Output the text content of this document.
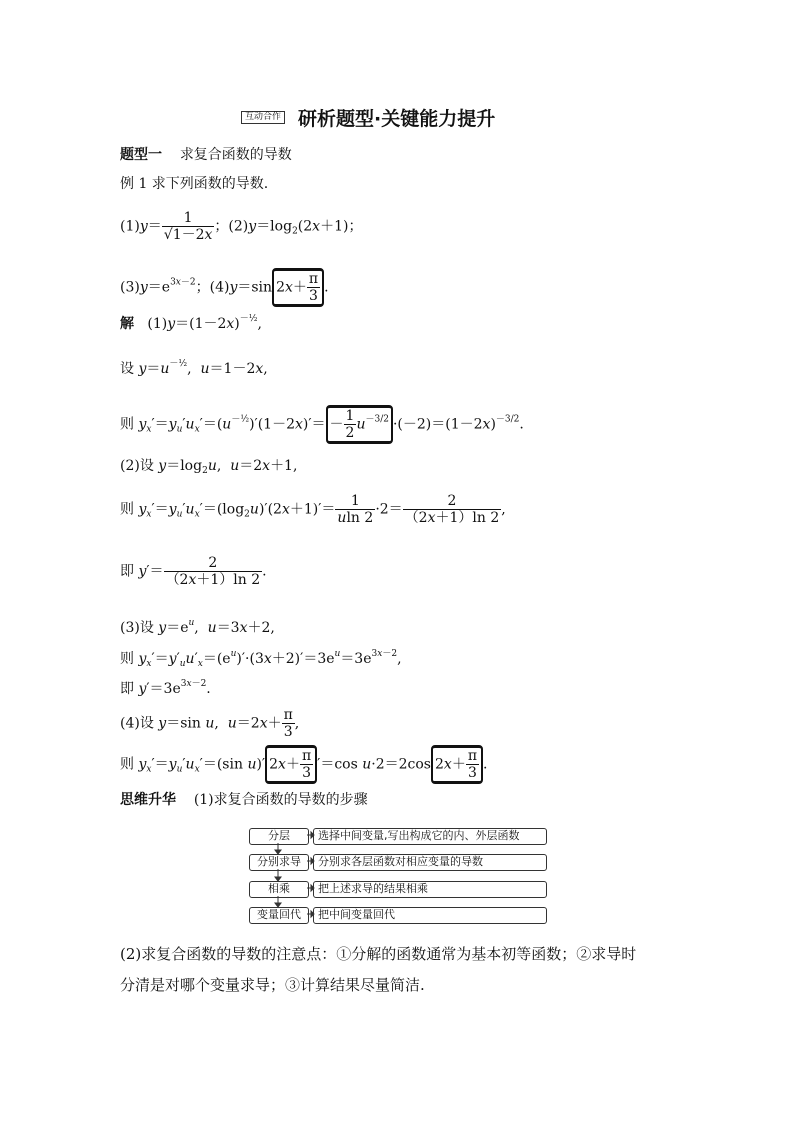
互动合作 研析题型·关键能力提升
题型一 求复合函数的导数
例 1 求下列函数的导数.
$(1)y= \frac{1}{√1-2x}$ ；$(2)y=\log_2(2x+1)$；
$(3)y=e^{3x-2}$；(4)y＝sin $2x+ \frac{\pi}{3}$ .
解   $(1)y=(1-2x)^{-\frac{1}{2}}$,
设 $y=u^{-\frac{1}{2}}$,  u＝1－2x,
则 $y_x'=y_u'u_x'=(u^{-\frac{1}{2}})'(1-2x)'= - \frac{1}{2} u^{-3/2} \cdot(-2)=(1-2x)^{-3/2}$.
(2)设 $y=\log_2u$,  u＝2x＋1,
则 $y_x'=y_u'u_x'=(\log_2u)'(2x+1)'= \frac{1}{uln 2} \cdot 2= \frac{2}{(2x+1)\ln 2}$ ,
即 $y'= \frac{2}{(2x+1)\ln 2}$ .
(3)设 $y=e^u$,  u＝3x＋2,
则 $y_x'=y'_uu'_x=(e^u)'\cdot(3x+2)'=3e^u=3e^{3x-2}$,
即 $y'=3e^{3x-2}$.
(4)设 y＝sin u,  $u=2x+ \frac{\pi}{3}$ ,
则 $y_x'=y_u'u_x'=(\sin$ u)′ $2x+ \frac{\pi}{3} '=\cos$ u·2＝2cos $2x+ \frac{\pi}{3}$ .
思维升华 (1)求复合函数的导数的步骤
分层	选择中间变量,写出构成它的内、外层函数
分别求导	分别求各层函数对相应变量的导数
相乘	把上述求导的结果相乘
变量回代	把中间变量回代
(2)求复合函数的导数的注意点：①分解的函数通常为基本初等函数；②求导时
分清是对哪个变量求导；③计算结果尽量简洁.
